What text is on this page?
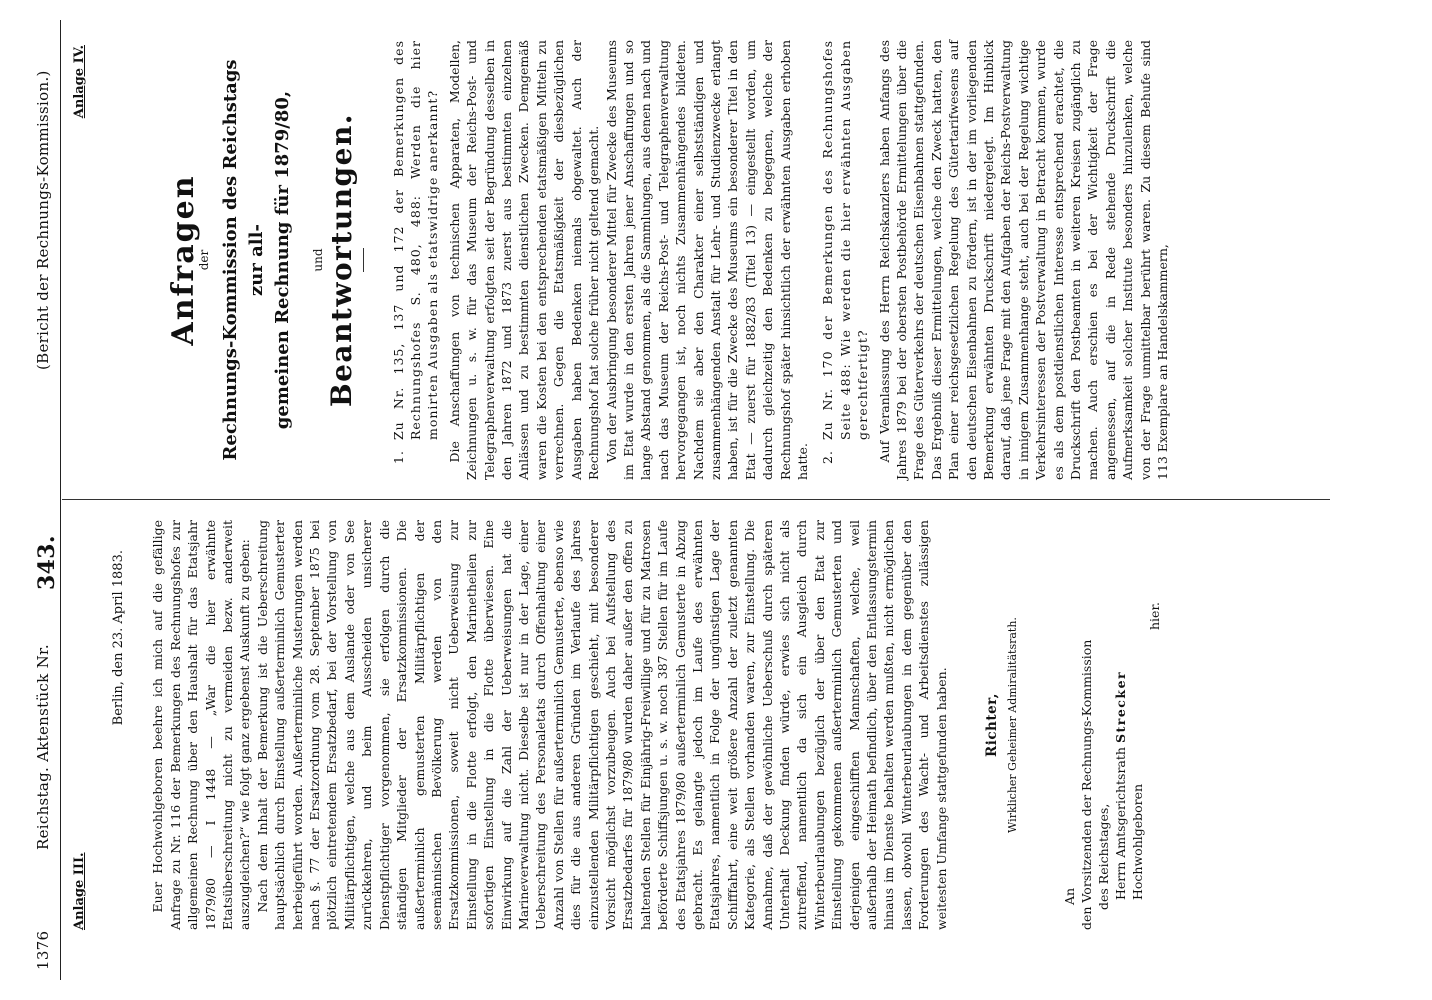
1376
Reichstag. Aktenstück Nr.
343.
(Bericht der Rechnungs-Kommission.)
Anlage III.
Anlage IV.
Berlin, den 23. April 1883. Euer Hochwohlgeboren beehre ich mich auf die gefällige Anfrage zu Nr. 116 der Bemerkungen des Rechnungshofes zur allgemeinen Rechnung über den Haushalt für das Etatsjahr 1879/80 — I 1448 — „War die hier erwähnte Etatsüberschreitung nicht zu vermeiden bezw. anderweit auszugleichen?“ wie folgt ganz ergebenst Auskunft zu geben: Nach dem Inhalt der Bemerkung ist die Ueberschreitung hauptsächlich durch Einstellung außerterminlich Gemusterter herbeigeführt worden. Außerterminliche Musterungen werden nach §. 77 der Ersatzordnung vom 28. September 1875 bei plötzlich eintretendem Ersatzbedarf, bei der Vorstellung von Militärpflichtigen, welche aus dem Auslande oder von See zurückkehren, und beim Ausscheiden unsicherer Dienstpflichtiger vorgenommen, sie erfolgen durch die ständigen Mitglieder der Ersatzkommissionen. Die außerterminlich gemusterten Militärpflichtigen der seemännischen Bevölkerung werden von den Ersatzkommissionen, soweit nicht Ueberweisung zur Einstellung in die Flotte erfolgt, den Marinetheilen zur sofortigen Einstellung in die Flotte überwiesen. Eine Einwirkung auf die Zahl der Ueberweisungen hat die Marineverwaltung nicht. Dieselbe ist nur in der Lage, einer Ueberschreitung des Personaletats durch Offenhaltung einer Anzahl von Stellen für außerterminlich Gemusterte, ebenso wie dies für die aus anderen Gründen im Verlaufe des Jahres einzustellenden Militärpflichtigen geschieht, mit besonderer Vorsicht möglichst vorzubeugen. Auch bei Aufstellung des Ersatzbedarfes für 1879/80 wurden daher außer den offen zu haltenden Stellen für Einjährig-Freiwillige und für zu Matrosen beförderte Schiffsjungen u. s. w. noch 387 Stellen für im Laufe des Etatsjahres 1879/80 außerterminlich Gemusterte in Abzug gebracht. Es gelangte jedoch im Laufe des erwähnten Etatsjahres, namentlich in Folge der ungünstigen Lage der Schifffahrt, eine weit größere Anzahl der zuletzt genannten Kategorie, als Stellen vorhanden waren, zur Einstellung. Die Annahme, daß der gewöhnliche Ueberschuß durch späteren Unterhalt Deckung finden würde, erwies sich nicht als zutreffend, namentlich da sich ein Ausgleich durch Winterbeurlaubungen bezüglich der über den Etat zur Einstellung gekommenen außerterminlich Gemusterten und derjenigen eingeschifften Mannschaften, welche, weil außerhalb der Heimath befindlich, über den Entlassungstermin hinaus im Dienste behalten werden mußten, nicht ermöglichen lassen, obwohl Winterbeurlaubungen in dem gegenüber den Forderungen des Wacht- und Arbeitsdienstes zulässigen weitesten Umfange stattgefunden haben.	Richter, Wirklicher Geheimer Admiralitätsrath.
An den Vorsitzenden der Rechnungs-Kommission des Reichstages, Herrn Amtsgerichtsrath Strecker
Hochwohlgeboren
hier.
Anfragen
der Rechnungs-Kommission des Reichstags zur all- gemeinen Rechnung für 1879/80, und Beantwortungen.
1.Zu Nr. 135, 137 und 172 der Bemerkungen des Rechnungshofes S. 480, 488: Werden die hier monirten Ausgaben als etatswidrige anerkannt? Die Anschaffungen von technischen Apparaten, Modellen, Zeichnungen u. s. w. für das Museum der Reichs-Post- und Telegraphenverwaltung erfolgten seit der Begründung desselben in den Jahren 1872 und 1873 zuerst aus bestimmten einzelnen Anlässen und zu bestimmten dienstlichen Zwecken. Demgemäß waren die Kosten bei den entsprechenden etatsmäßigen Mitteln zu verrechnen. Gegen die Etatsmäßigkeit der diesbezüglichen Ausgaben haben Bedenken niemals obgewaltet. Auch der Rechnungshof hat solche früher nicht geltend gemacht. Von der Ausbringung besonderer Mittel für Zwecke des Museums im Etat wurde in den ersten Jahren jener Anschaffungen und so lange Abstand genommen, als die Sammlungen, aus denen nach und nach das Museum der Reichs-Post- und Telegraphenverwaltung hervorgegangen ist, noch nichts Zusammenhängendes bildeten. Nachdem sie aber den Charakter einer selbstständigen und zusammenhängenden Anstalt für Lehr- und Studienzwecke erlangt haben, ist für die Zwecke des Museums ein besonderer Titel in den Etat — zuerst für 1882/83 (Titel 13) — eingestellt worden, um dadurch gleichzeitig den Bedenken zu begegnen, welche der Rechnungshof später hinsichtlich der erwähnten Ausgaben erhoben hatte. 2.Zu Nr. 170 der Bemerkungen des Rechnungshofes Seite 488: Wie werden die hier erwähnten Ausgaben gerechtfertigt? Auf Veranlassung des Herrn Reichskanzlers haben Anfangs des Jahres 1879 bei der obersten Postbehörde Ermittelungen über die Frage des Güterverkehrs der deutschen Eisenbahnen stattgefunden. Das Ergebniß dieser Ermittelungen, welche den Zweck hatten, den Plan einer reichsgesetzlichen Regelung des Gütertarifwesens auf den deutschen Eisenbahnen zu fördern, ist in der im vorliegenden Bemerkung erwähnten Druckschrift niedergelegt. Im Hinblick darauf, daß jene Frage mit den Aufgaben der Reichs-Postverwaltung in innigem Zusammenhange steht, auch bei der Regelung wichtige Verkehrsinteressen der Postverwaltung in Betracht kommen, wurde es als dem postdienstlichen Interesse entsprechend erachtet, die Druckschrift den Postbeamten in weiteren Kreisen zugänglich zu machen. Auch erschien es bei der Wichtigkeit der Frage angemessen, auf die in Rede stehende Druckschrift die Aufmerksamkeit solcher Institute besonders hinzulenken, welche von der Frage unmittelbar berührt waren. Zu diesem Behufe sind 113 Exemplare an Handelskammern,
